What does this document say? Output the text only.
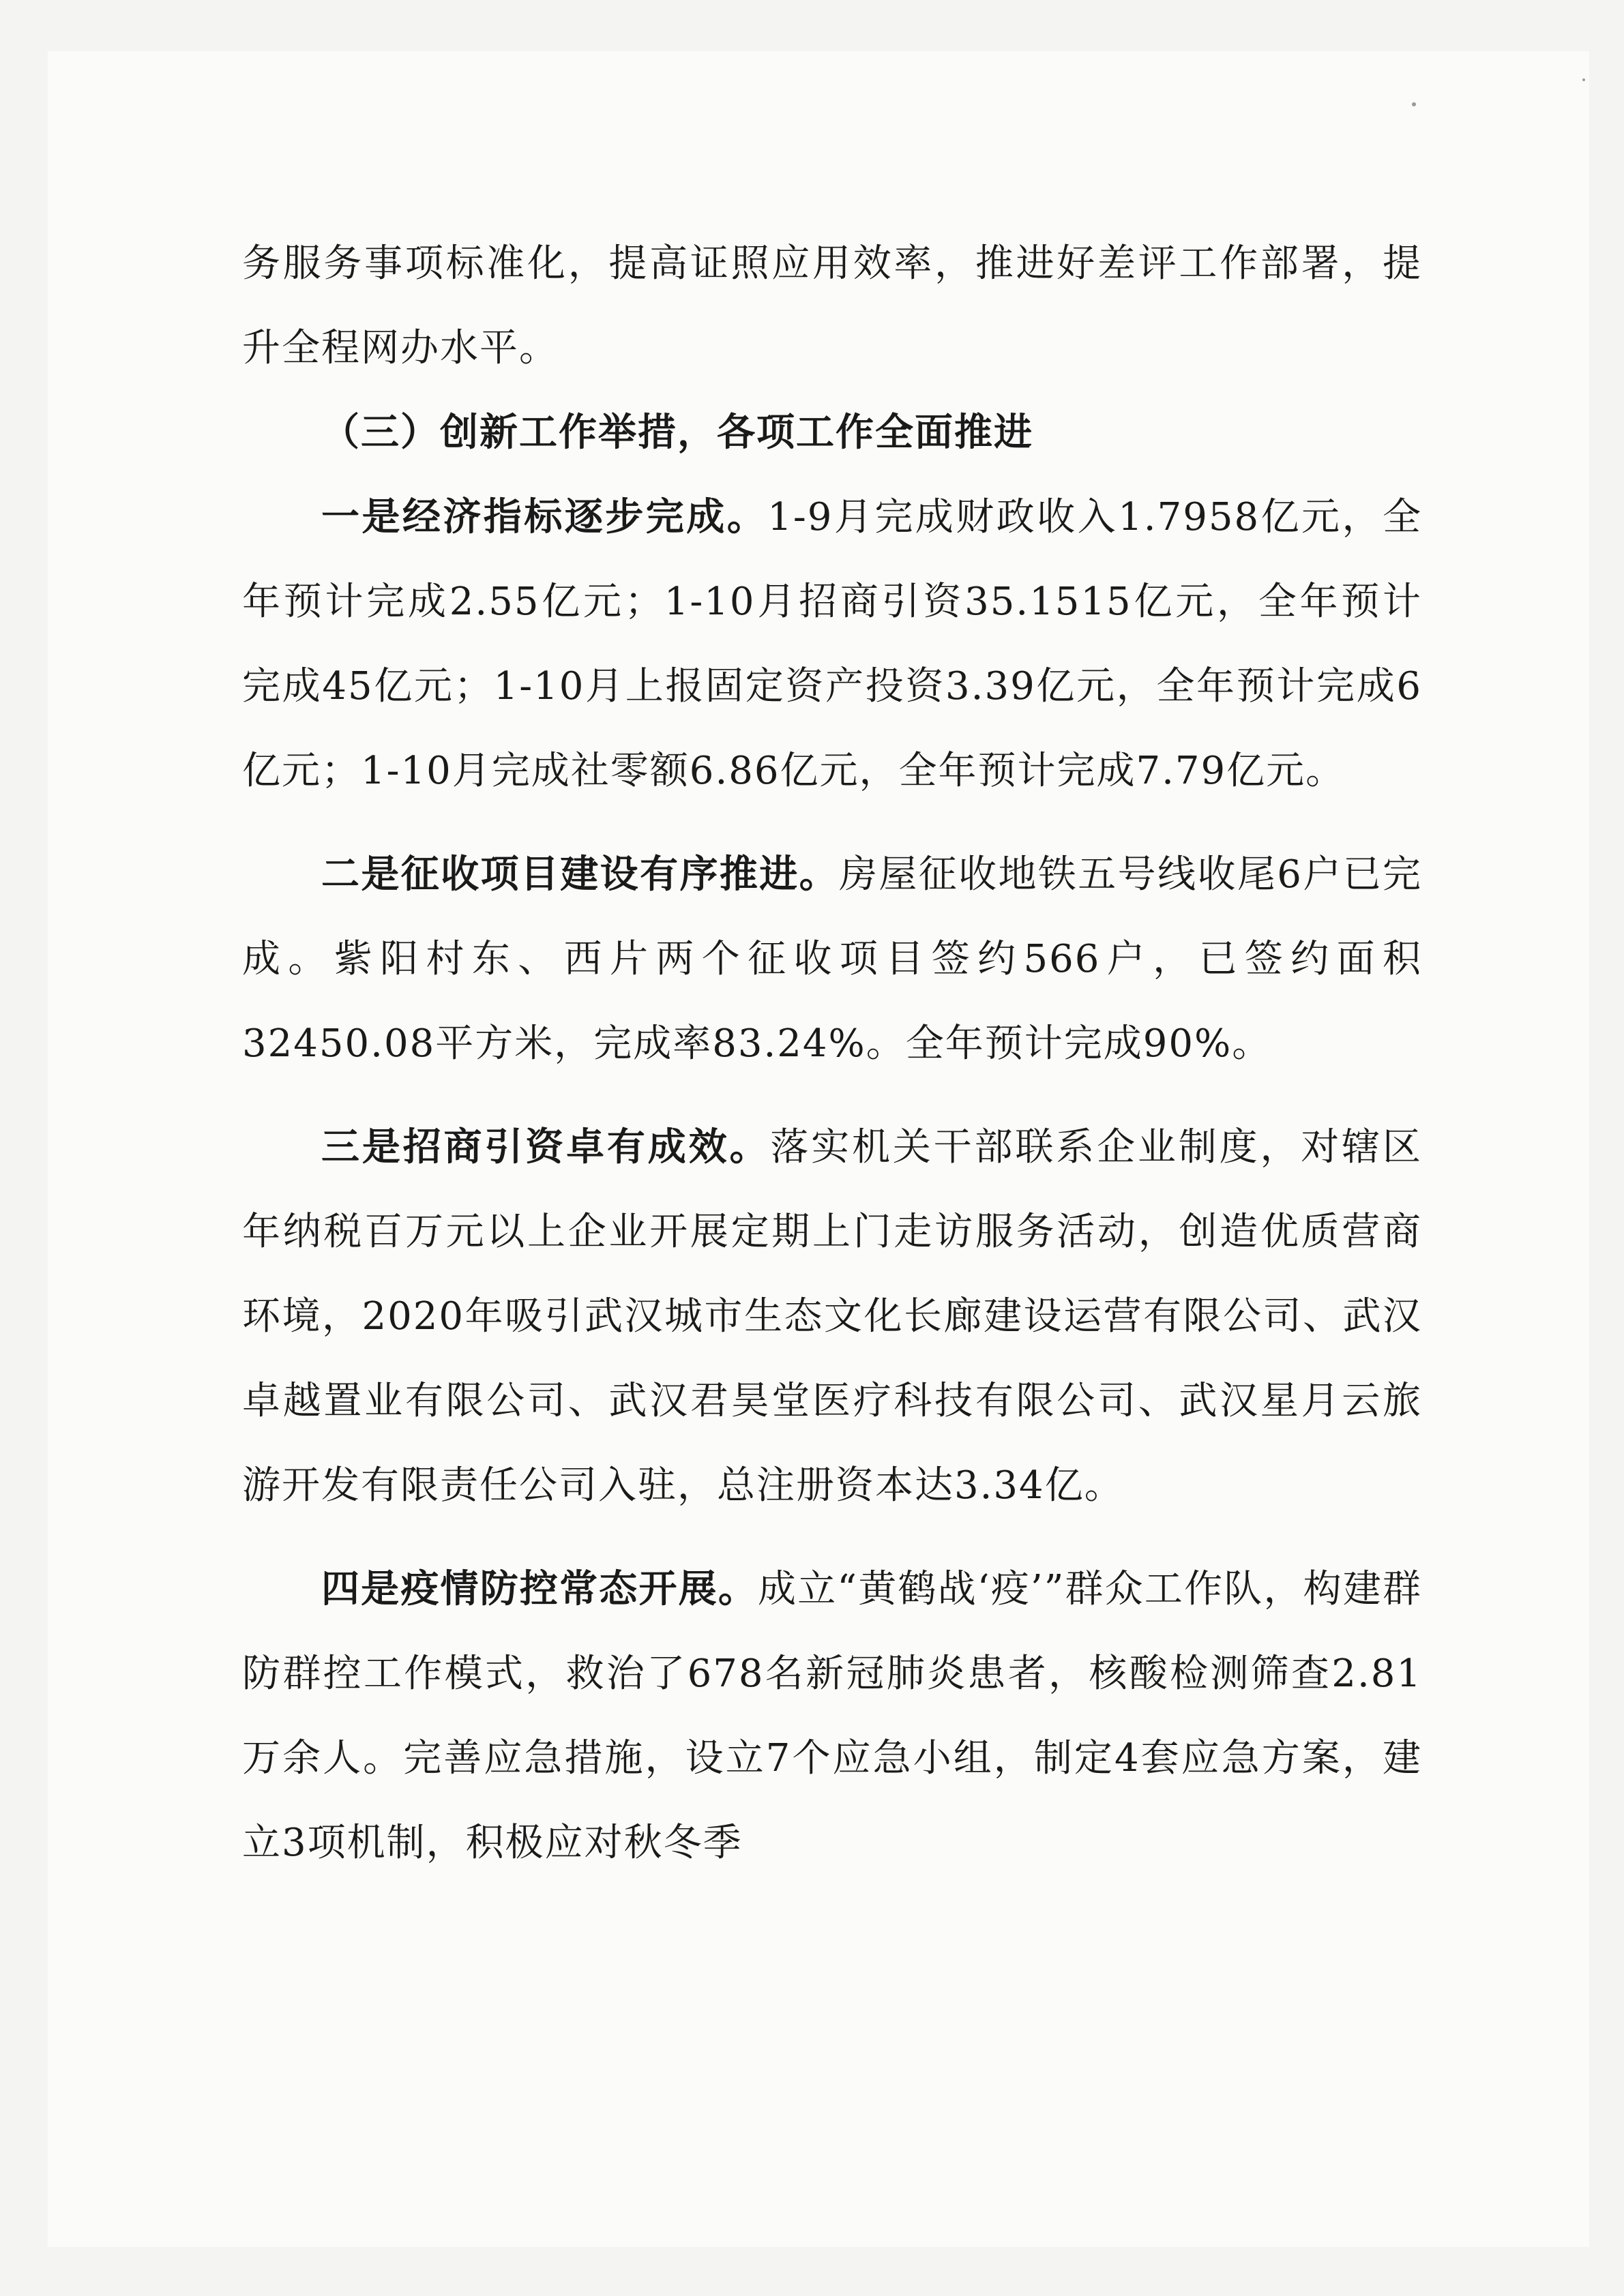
务服务事项标准化，提高证照应用效率，推进好差评工作部署，提升全程网办水平。

（三）创新工作举措，各项工作全面推进

一是经济指标逐步完成。1-9月完成财政收入1.7958亿元，全年预计完成2.55亿元；1-10月招商引资35.1515亿元，全年预计完成45亿元；1-10月上报固定资产投资3.39亿元，全年预计完成6亿元；1-10月完成社零额6.86亿元，全年预计完成7.79亿元。

二是征收项目建设有序推进。房屋征收地铁五号线收尾6户已完成。紫阳村东、西片两个征收项目签约566户，已签约面积32450.08平方米，完成率83.24%。全年预计完成90%。

三是招商引资卓有成效。落实机关干部联系企业制度，对辖区年纳税百万元以上企业开展定期上门走访服务活动，创造优质营商环境，2020年吸引武汉城市生态文化长廊建设运营有限公司、武汉卓越置业有限公司、武汉君昊堂医疗科技有限公司、武汉星月云旅游开发有限责任公司入驻，总注册资本达3.34亿。

四是疫情防控常态开展。成立“黄鹤战‘疫’”群众工作队，构建群防群控工作模式，救治了678名新冠肺炎患者，核酸检测筛查2.81万余人。完善应急措施，设立7个应急小组，制定4套应急方案，建立3项机制，积极应对秋冬季
